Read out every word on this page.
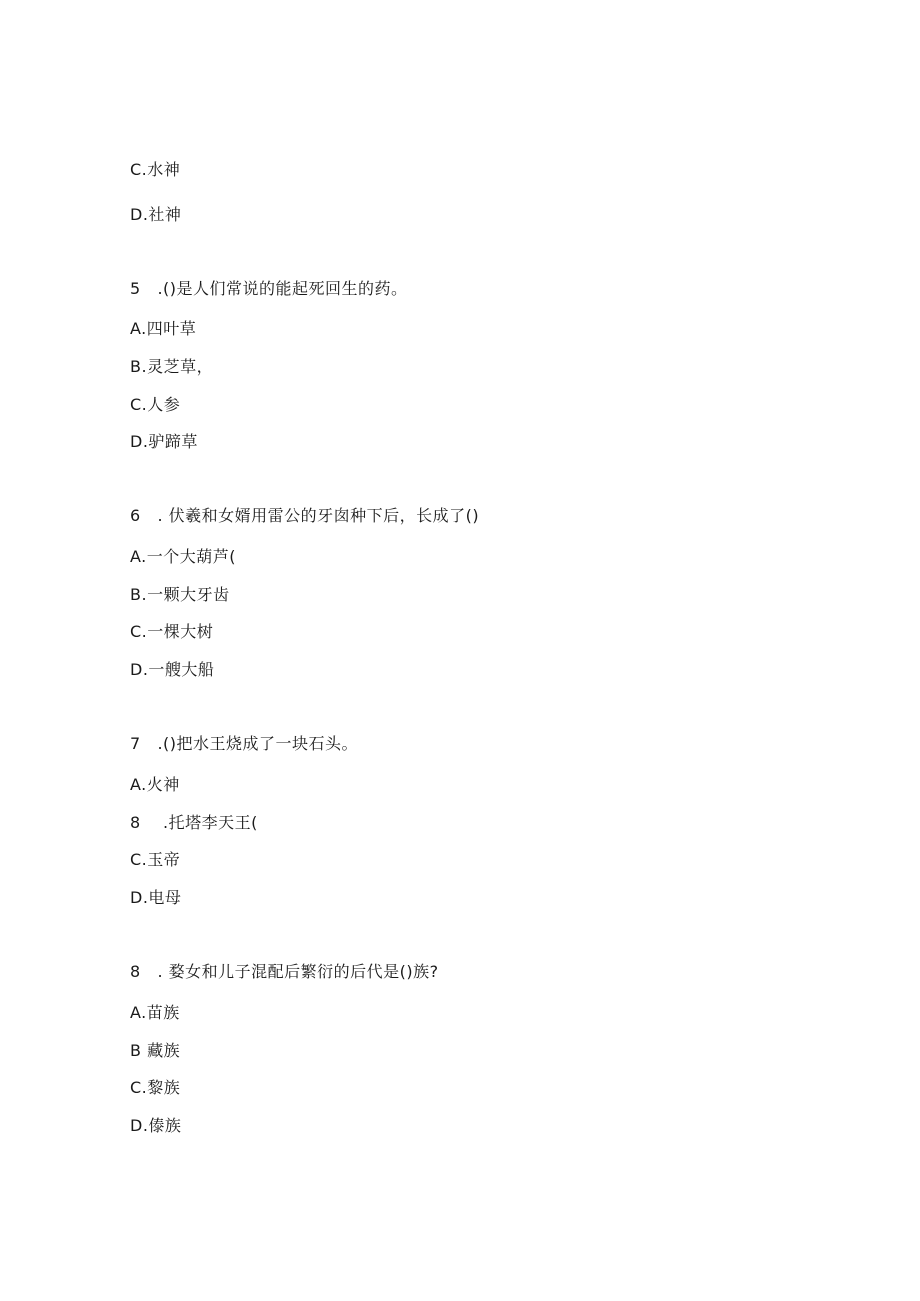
C.水神
D.社神
5   .()是人们常说的能起死回生的药。
A.四叶草
B.灵芝草，
C.人参
D.驴蹄草
6   . 伏羲和女婿用雷公的牙囱种下后，长成了()
A.一个大葫芦(
B.一颗大牙齿
C.一棵大树
D.一艘大船
7   .()把水王烧成了一块石头。
A.火神
8    .托塔李天王(
C.玉帝
D.电母
8   . 婺女和儿子混配后繁衍的后代是()族?
A.苗族
B 藏族
C.黎族
D.傣族
